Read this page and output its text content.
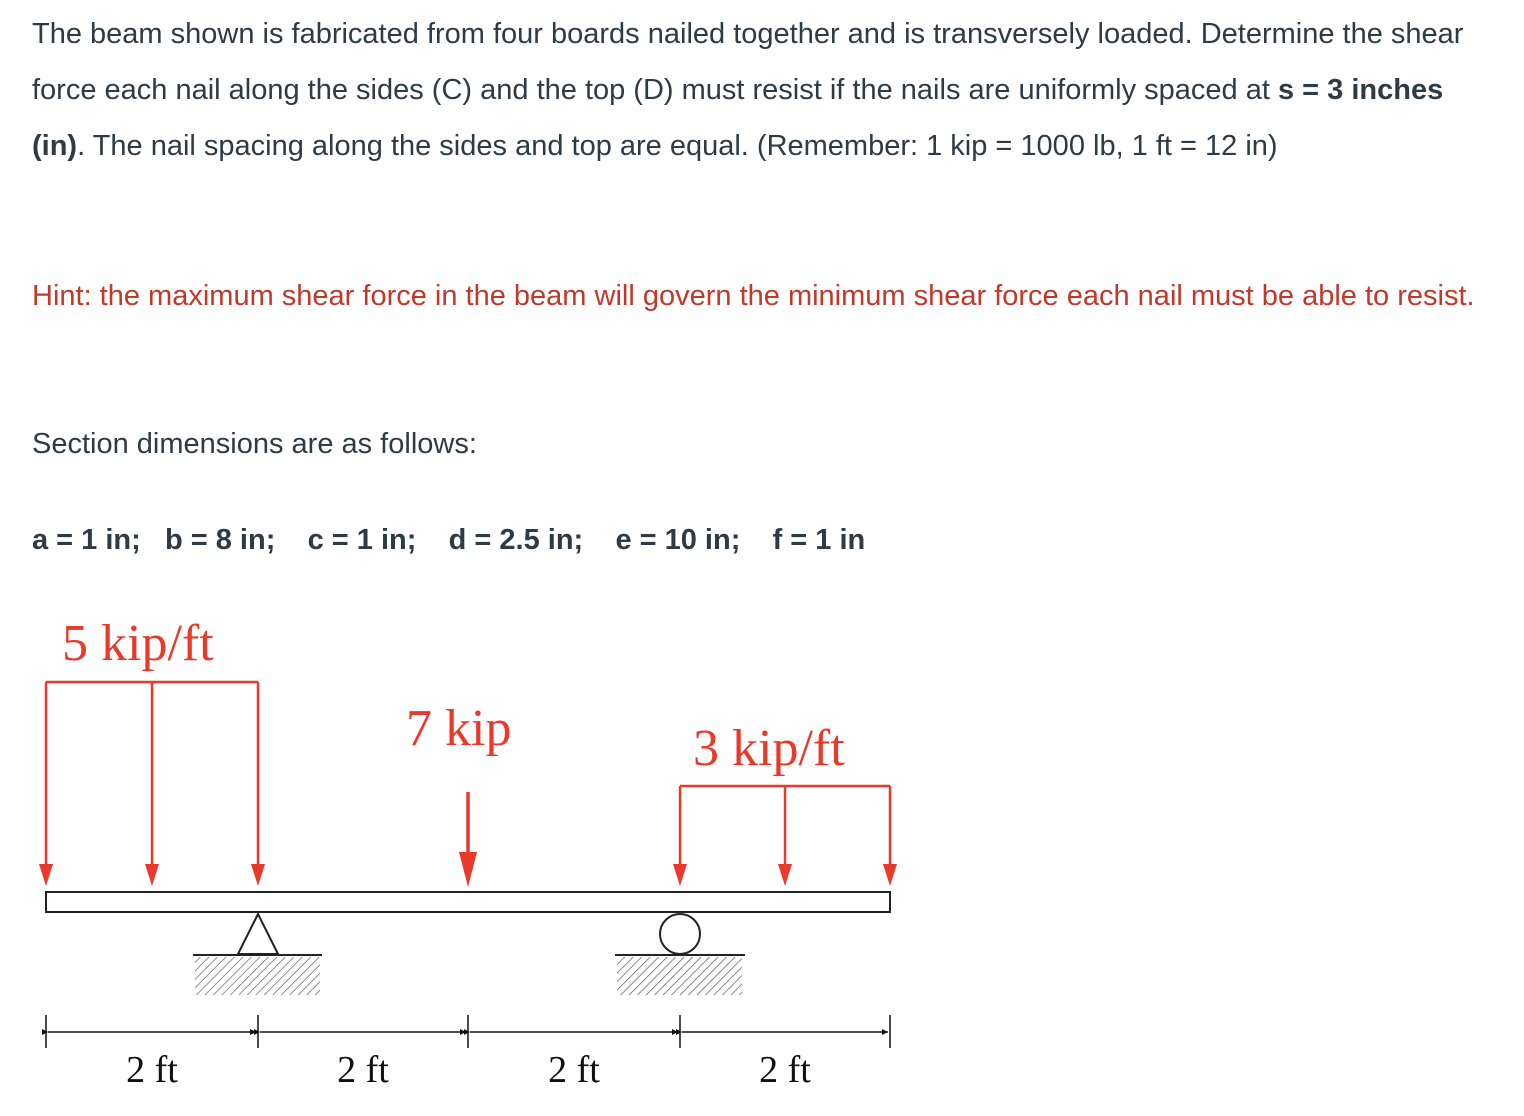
The beam shown is fabricated from four boards nailed together and is transversely loaded. Determine the shear force each nail along the sides (C) and the top (D) must resist if the nails are uniformly spaced at s = 3 inches (in). The nail spacing along the sides and top are equal. (Remember: 1 kip = 1000 lb, 1 ft = 12 in)

Hint: the maximum shear force in the beam will govern the minimum shear force each nail must be able to resist.

Section dimensions are as follows:

a = 1 in; b = 8 in; c = 1 in; d = 2.5 in; e = 10 in; f = 1 in

5 kip/ft
7 kip	3 kip/ft
2 ft	2 ft	2 ft	2 ft
